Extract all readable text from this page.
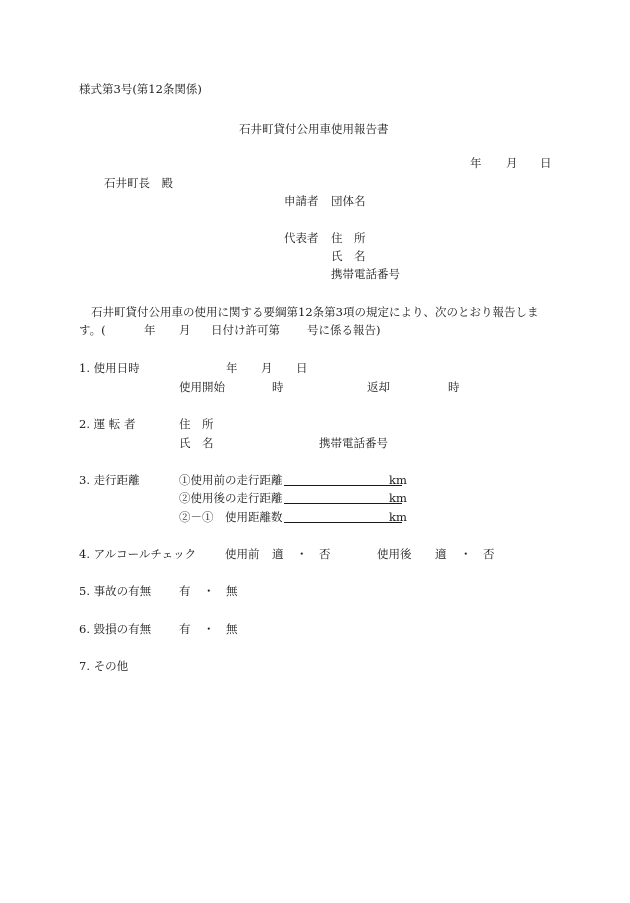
様式第3号(第12条関係)
石井町貸付公用車使用報告書
年 月 日
石井町長　殿
申請者 団体名
代表者 住　所
氏　名
携帯電話番号
石井町貸付公用車の使用に関する要綱第12条第3項の規定により、次のとおり報告しま
す。(	年 月 日付け許可第 号に係る報告)
1. 使用日時	年 月 日
使用開始	時	返却	時
2. 運 転 者	住　所
氏　名	携帯電話番号
3. 走行距離	①使用前の走行距離	km
②使用後の走行距離	km
②－①　使用距離数	km
4. アルコールチェック	使用前 適 ・ 否	使用後 適 ・ 否
5. 事故の有無 有 ・ 無
6. 毀損の有無 有 ・ 無
7. その他
